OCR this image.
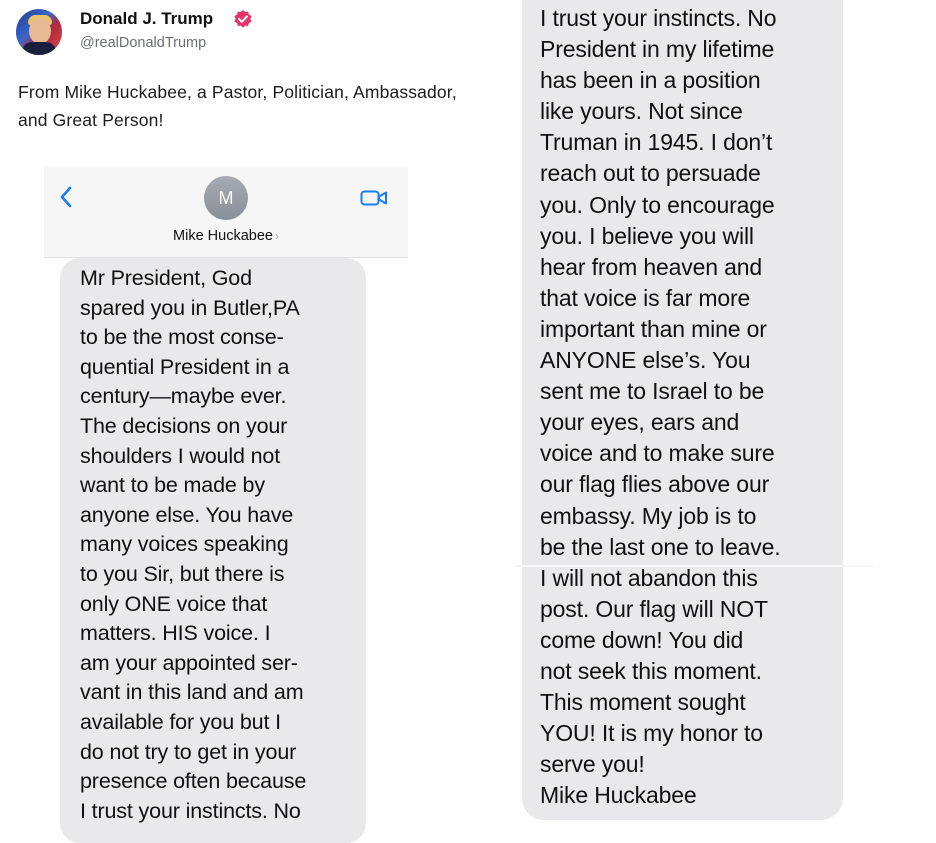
Donald J. Trump
@realDonaldTrump
From Mike Huckabee, a Pastor, Politician, Ambassador, and Great Person!
M
Mike Huckabee ›
Mr President, God
spared you in Butler,PA
to be the most conse-
quential President in a
century—maybe ever.
The decisions on your
shoulders I would not
want to be made by
anyone else. You have
many voices speaking
to you Sir, but there is
only ONE voice that
matters. HIS voice. I
am your appointed ser-
vant in this land and am
available for you but I
do not try to get in your
presence often because
I trust your instincts. No
I trust your instincts. No
President in my lifetime
has been in a position
like yours. Not since
Truman in 1945. I don’t
reach out to persuade
you. Only to encourage
you. I believe you will
hear from heaven and
that voice is far more
important than mine or
ANYONE else’s. You
sent me to Israel to be
your eyes, ears and
voice and to make sure
our flag flies above our
embassy. My job is to
be the last one to leave.
I will not abandon this
post. Our flag will NOT
come down! You did
not seek this moment.
This moment sought
YOU! It is my honor to
serve you!
Mike Huckabee
